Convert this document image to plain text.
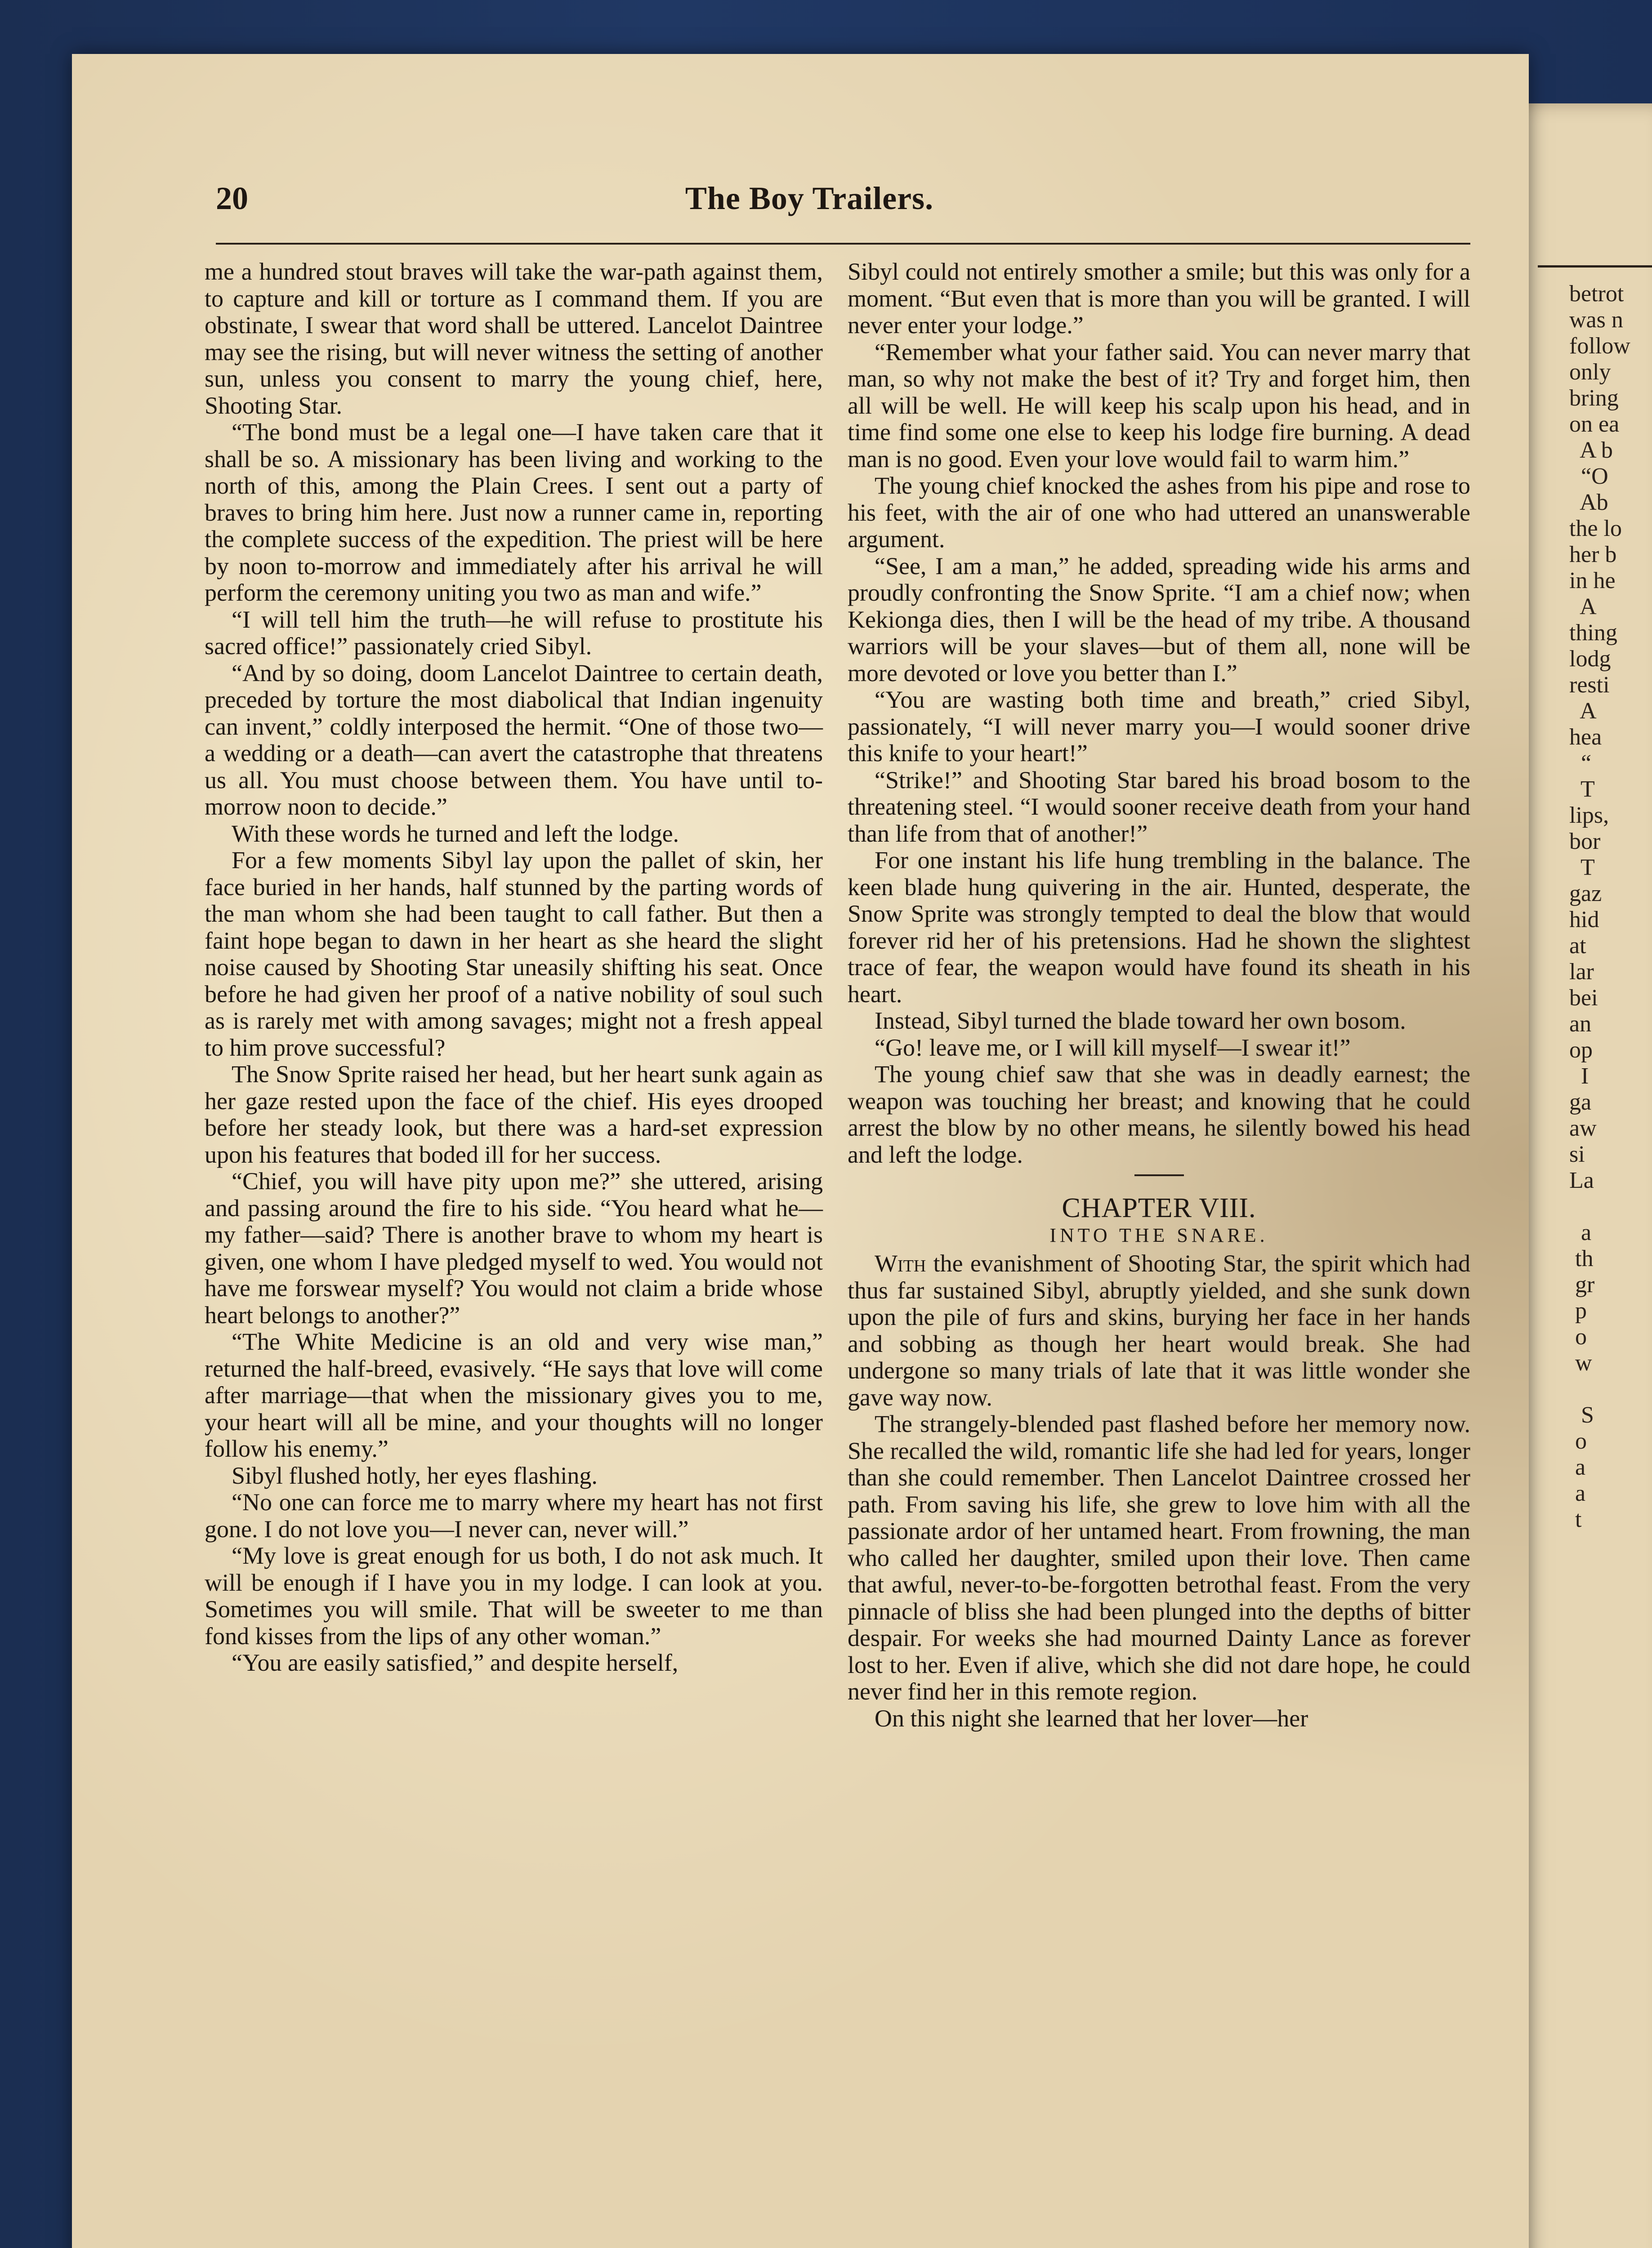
betrot
was n
follow
only
bring
on ea
A b
“O
Ab
the lo
her b
in he
A
thing
lodg
resti
A
hea
“
T
lips,
bor
T
gaz
hid
at
lar
bei
an
op
I
ga
aw
si
La

a
th
gr
p
o
w

S
o
a
a
t
20	The Boy Trailers.

me a hundred stout braves will take the war-path against them, to capture and kill or torture as I command them. If you are obstinate, I swear that word shall be uttered. Lancelot Daintree may see the rising, but will never witness the setting of another sun, unless you consent to marry the young chief, here, Shooting Star.

“The bond must be a legal one—I have taken care that it shall be so. A missionary has been living and working to the north of this, among the Plain Crees. I sent out a party of braves to bring him here. Just now a runner came in, reporting the complete success of the expedition. The priest will be here by noon to-morrow and immediately after his arrival he will perform the ceremony uniting you two as man and wife.”

“I will tell him the truth—he will refuse to prostitute his sacred office!” passionately cried Sibyl.

“And by so doing, doom Lancelot Daintree to certain death, preceded by torture the most diabolical that Indian ingenuity can invent,” coldly interposed the hermit. “One of those two—a wedding or a death—can avert the catastrophe that threatens us all. You must choose between them. You have until to-morrow noon to decide.”

With these words he turned and left the lodge.

For a few moments Sibyl lay upon the pallet of skin, her face buried in her hands, half stunned by the parting words of the man whom she had been taught to call father. But then a faint hope began to dawn in her heart as she heard the slight noise caused by Shooting Star uneasily shifting his seat. Once before he had given her proof of a native nobility of soul such as is rarely met with among savages; might not a fresh appeal to him prove successful?

The Snow Sprite raised her head, but her heart sunk again as her gaze rested upon the face of the chief. His eyes drooped before her steady look, but there was a hard-set expression upon his features that boded ill for her success.

“Chief, you will have pity upon me?” she uttered, arising and passing around the fire to his side. “You heard what he—my father—said? There is another brave to whom my heart is given, one whom I have pledged myself to wed. You would not have me forswear myself? You would not claim a bride whose heart belongs to another?”

“The White Medicine is an old and very wise man,” returned the half-breed, evasively. “He says that love will come after marriage—that when the missionary gives you to me, your heart will all be mine, and your thoughts will no longer follow his enemy.”

Sibyl flushed hotly, her eyes flashing.

“No one can force me to marry where my heart has not first gone. I do not love you—I never can, never will.”

“My love is great enough for us both, I do not ask much. It will be enough if I have you in my lodge. I can look at you. Sometimes you will smile. That will be sweeter to me than fond kisses from the lips of any other woman.”

“You are easily satisfied,” and despite herself,

Sibyl could not entirely smother a smile; but this was only for a moment. “But even that is more than you will be granted. I will never enter your lodge.”

“Remember what your father said. You can never marry that man, so why not make the best of it? Try and forget him, then all will be well. He will keep his scalp upon his head, and in time find some one else to keep his lodge fire burning. A dead man is no good. Even your love would fail to warm him.”

The young chief knocked the ashes from his pipe and rose to his feet, with the air of one who had uttered an unanswerable argument.

“See, I am a man,” he added, spreading wide his arms and proudly confronting the Snow Sprite. “I am a chief now; when Kekionga dies, then I will be the head of my tribe. A thousand warriors will be your slaves—but of them all, none will be more devoted or love you better than I.”

“You are wasting both time and breath,” cried Sibyl, passionately, “I will never marry you—I would sooner drive this knife to your heart!”

“Strike!” and Shooting Star bared his broad bosom to the threatening steel. “I would sooner receive death from your hand than life from that of another!”

For one instant his life hung trembling in the balance. The keen blade hung quivering in the air. Hunted, desperate, the Snow Sprite was strongly tempted to deal the blow that would forever rid her of his pretensions. Had he shown the slightest trace of fear, the weapon would have found its sheath in his heart.

Instead, Sibyl turned the blade toward her own bosom.

“Go! leave me, or I will kill myself—I swear it!”

The young chief saw that she was in deadly earnest; the weapon was touching her breast; and knowing that he could arrest the blow by no other means, he silently bowed his head and left the lodge.

CHAPTER VIII.
INTO THE SNARE.

With the evanishment of Shooting Star, the spirit which had thus far sustained Sibyl, abruptly yielded, and she sunk down upon the pile of furs and skins, burying her face in her hands and sobbing as though her heart would break. She had undergone so many trials of late that it was little wonder she gave way now.

The strangely-blended past flashed before her memory now. She recalled the wild, romantic life she had led for years, longer than she could remember. Then Lancelot Daintree crossed her path. From saving his life, she grew to love him with all the passionate ardor of her untamed heart. From frowning, the man who called her daughter, smiled upon their love. Then came that awful, never-to-be-forgotten betrothal feast. From the very pinnacle of bliss she had been plunged into the depths of bitter despair. For weeks she had mourned Dainty Lance as forever lost to her. Even if alive, which she did not dare hope, he could never find her in this remote region.

On this night she learned that her lover—her
